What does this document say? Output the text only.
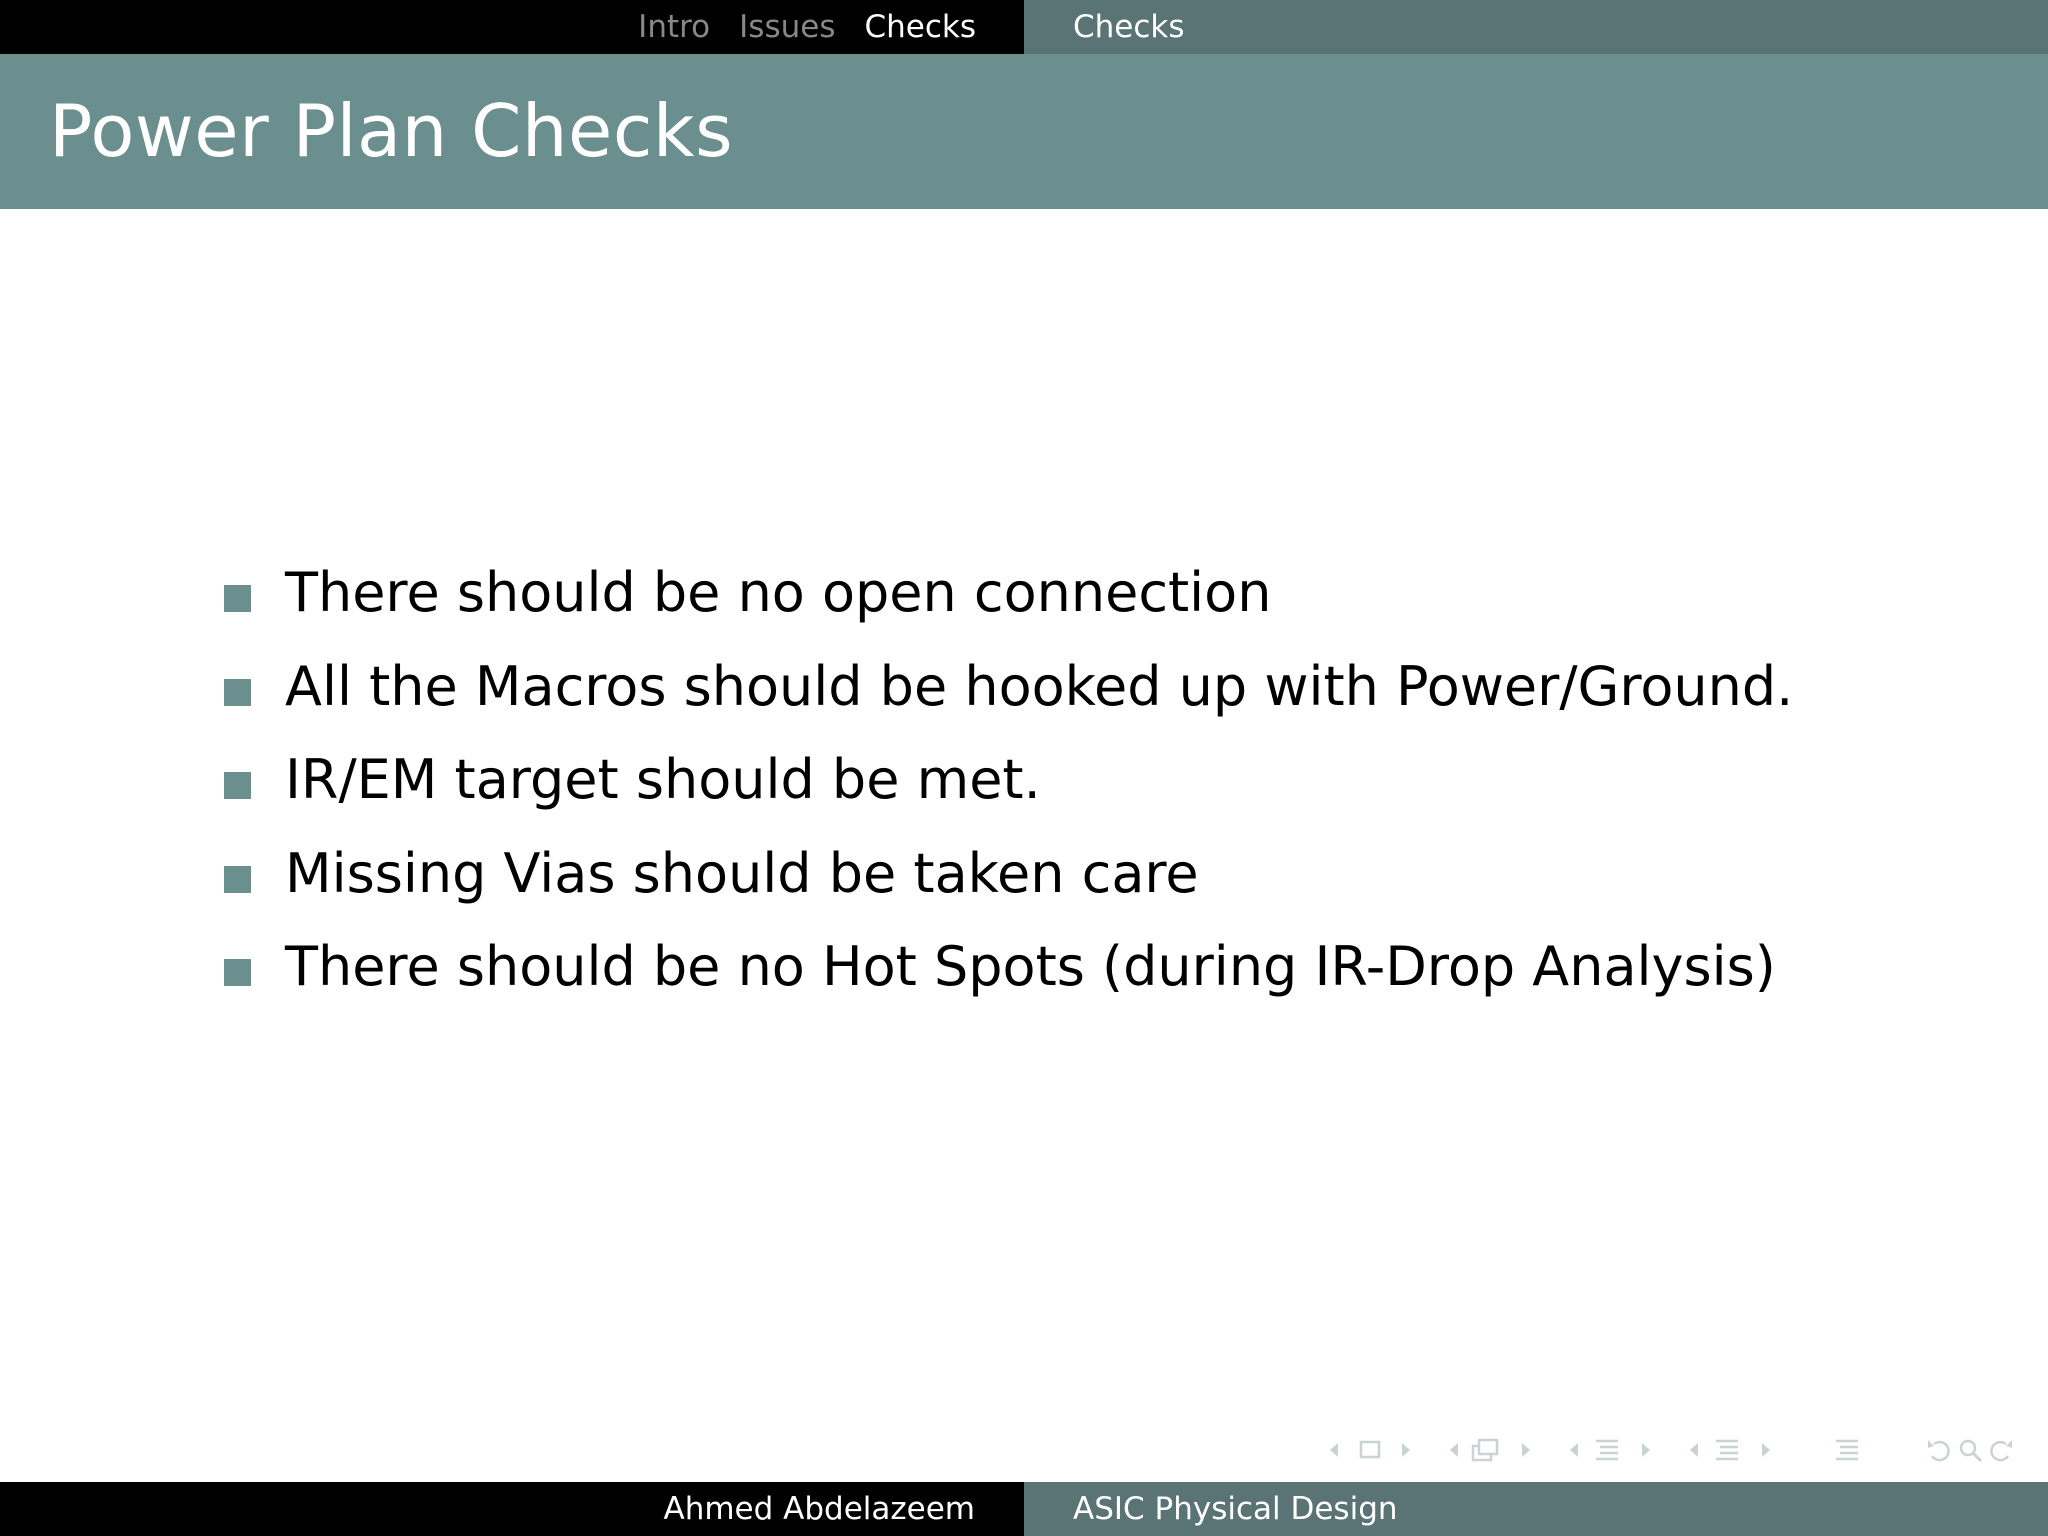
Intro Issues Checks	Checks
Power Plan Checks
There should be no open connection
All the Macros should be hooked up with Power/Ground.
IR/EM target should be met.
Missing Vias should be taken care
There should be no Hot Spots (during IR-Drop Analysis)
Ahmed Abdelazeem	ASIC Physical Design
